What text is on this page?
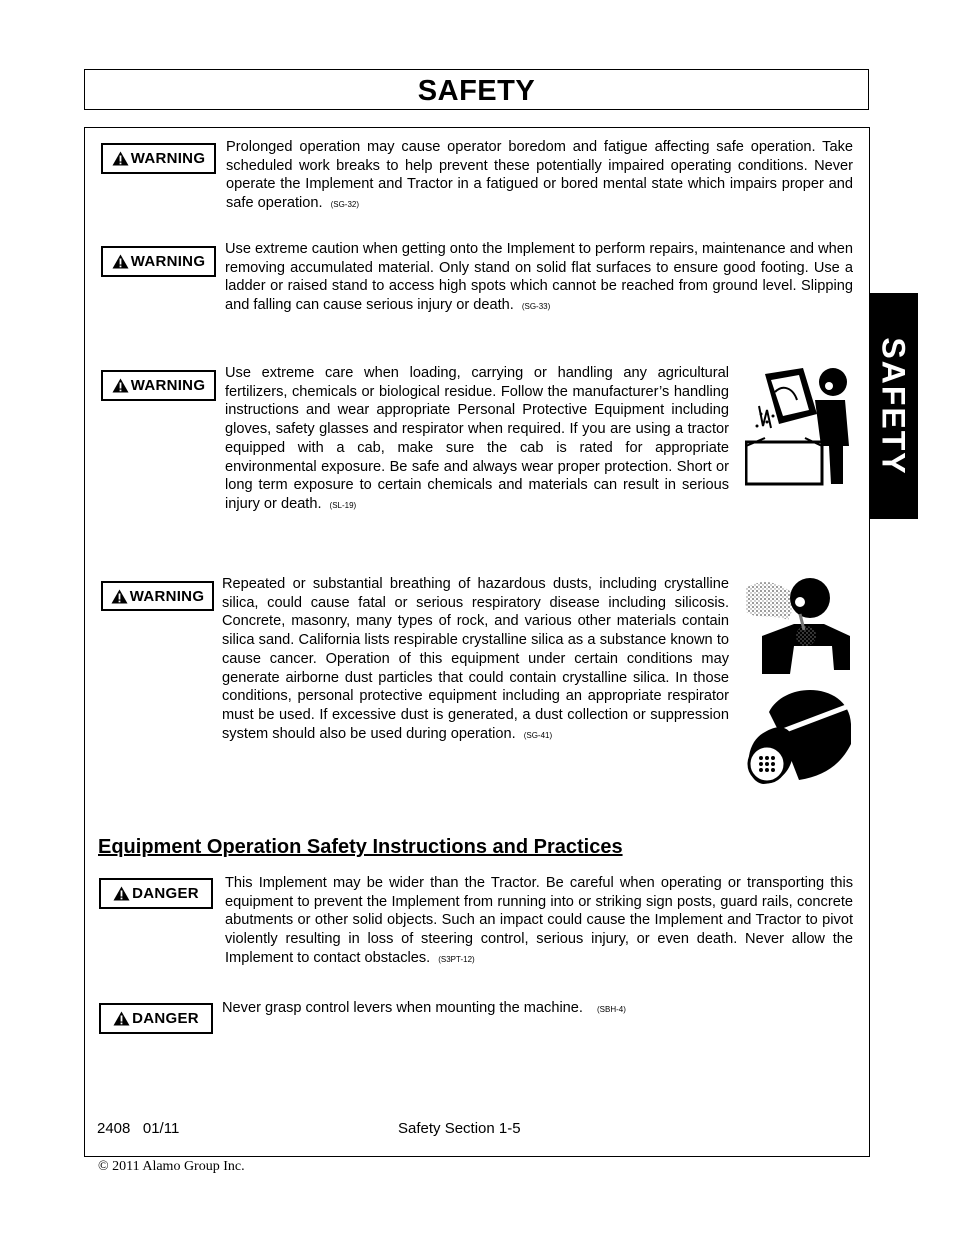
SAFETY
SAFETY
WARNING
Prolonged operation may cause operator boredom and fatigue affecting safe operation. Take scheduled work breaks to help prevent these potentially impaired operating conditions. Never operate the Implement and Tractor in a fatigued or bored mental state which impairs proper and safe operation. (SG-32)
WARNING
Use extreme caution when getting onto the Implement to perform repairs, maintenance and when removing accumulated material. Only stand on solid flat surfaces to ensure good footing. Use a ladder or raised stand to access high spots which cannot be reached from ground level. Slipping and falling can cause serious injury or death. (SG-33)
WARNING
Use extreme care when loading, carrying or handling any agricultural fertilizers, chemicals or biological residue. Follow the manufacturer’s handling instructions and wear appropriate Personal Protective Equipment including gloves, safety glasses and respirator when required. If you are using a tractor equipped with a cab, make sure the cab is rated for appropriate environmental exposure. Be safe and always wear proper protection. Short or long term exposure to certain chemicals and materials can result in serious injury or death. (SL-19)
WARNING
Repeated or substantial breathing of hazardous dusts, including crystalline silica, could cause fatal or serious respiratory disease including silicosis. Concrete, masonry, many types of rock, and various other materials contain silica sand. California lists respirable crystalline silica as a substance known to cause cancer. Operation of this equipment under certain conditions may generate airborne dust particles that could contain crystalline silica. In those conditions, personal protective equipment including an appropriate respirator must be used. If excessive dust is generated, a dust collection or suppression system should also be used during operation. (SG-41)
Equipment Operation Safety Instructions and Practices
DANGER
This Implement may be wider than the Tractor. Be careful when operating or transporting this equipment to prevent the Implement from running into or striking sign posts, guard rails, concrete abutments or other solid objects. Such an impact could cause the Implement and Tractor to pivot violently resulting in loss of steering control, serious injury, or even death. Never allow the Implement to contact obstacles. (S3PT-12)
DANGER
Never grasp control levers when mounting the machine. (SBH-4)
2408   01/11	Safety Section 1-5
© 2011 Alamo Group Inc.
